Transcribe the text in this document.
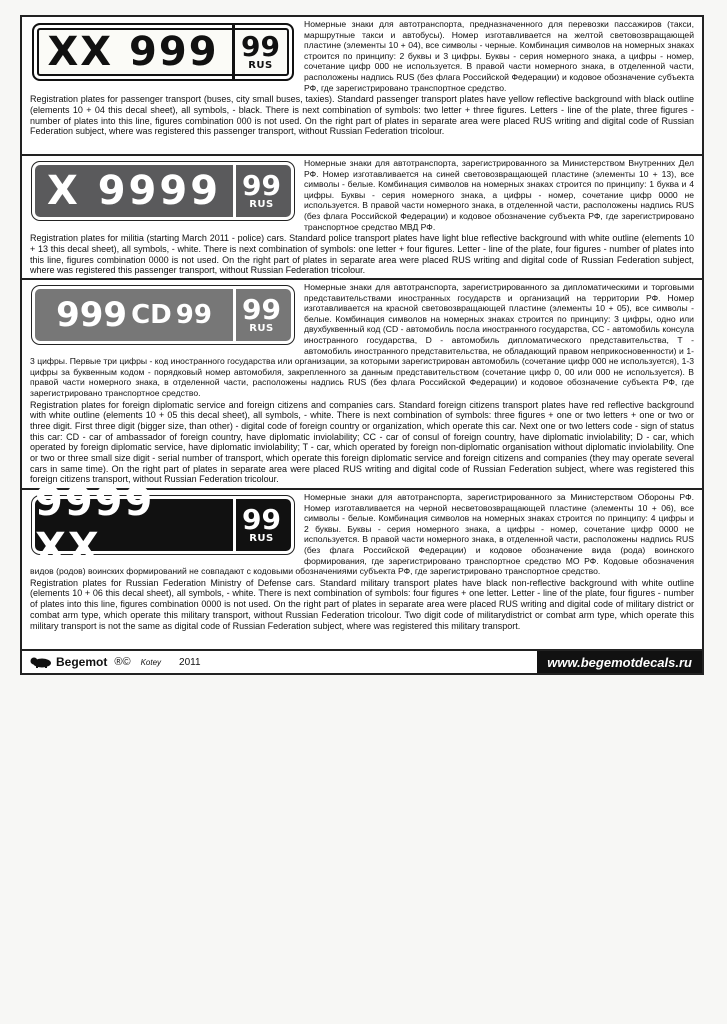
XX 999 99
RUS
Номерные знаки для автотранспорта, предназначенного для перевозки пассажиров (такси, маршрутные такси и автобусы). Номер изготавливается на желтой световозвращающей пластине (элементы 10 + 04), все символы - черные. Комбинация символов на номерных знаках строится по принципу: 2 буквы и 3 цифры. Буквы - серия номерного знака, а цифры - номер, сочетание цифр 000 не используется. В правой части номерного знака, в отделенной части, расположены надпись RUS (без флага Российской Федерации) и кодовое обозначение субъекта РФ, где зарегистрировано транспортное средство.
Registration plates for passenger transport (buses, city small buses, taxies). Standard passenger transport plates have yellow reflective background with black outline (elements 10 + 04 this decal sheet), all symbols, - black. There is next combination of symbols: two letter + three figures. Letters - line of the plate, three figures - number of plates into this line, figures combination 000 is not used. On the right part of plates in separate area were placed RUS writing and digital code of Russian Federation subject, where was registered this passenger transport, without Russian Federation tricolour.
X 9999 99
RUS
Номерные знаки для автотранспорта, зарегистрированного за Министерством Внутренних Дел РФ. Номер изготавливается на синей световозвращающей пластине (элементы 10 + 13), все символы - белые. Комбинация символов на номерных знаках строится по принципу: 1 буква и 4 цифры. Буквы - серия номерного знака, а цифры - номер, сочетание цифр 0000 не используется. В правой части номерного знака, в отделенной части, расположены надпись RUS (без флага Российской Федерации) и кодовое обозначение субъекта РФ, где зарегистрировано транспортное средство МВД РФ.
Registration plates for militia (starting March 2011 - police) cars. Standard police transport plates have light blue reflective background with white outline (elements 10 + 13 this decal sheet), all symbols, - white. There is next combination of symbols: one letter + four figures. Letter - line of the plate, four figures - number of plates into this line, figures combination 0000 is not used. On the right part of plates in separate area were placed RUS writing and digital code of Russian Federation subject, where was registered this passenger transport, without Russian Federation tricolour.
999 CD 99 99
RUS
Номерные знаки для автотранспорта, зарегистрированного за дипломатическими и торговыми представительствами иностранных государств и организаций на территории РФ. Номер изготавливается на красной световозвращающей пластине (элементы 10 + 05), все символы - белые. Комбинация символов на номерных знаках строится по принципу: 3 цифры, одно или двухбуквенный код (CD - автомобиль посла иностранного государства, СС - автомобиль консула иностранного государства, D - автомобиль дипломатического представительства, Т - автомобиль иностранного представительства, не обладающий правом неприкосновенности) и 1-3 цифры. Первые три цифры - код иностранного государства или организации, за которыми зарегистрирован автомобиль (сочетание цифр 000 не используется), 1-3 цифры за буквенным кодом - порядковый номер автомобиля, закрепленного за данным представительством (сочетание цифр 0, 00 или 000 не используется). В правой части номерного знака, в отделенной части, расположены надпись RUS (без флага Российской Федерации) и кодовое обозначение субъекта РФ, где зарегистрировано транспортное средство.
Registration plates for foreign diplomatic service and foreign citizens and companies cars. Standard foreign citizens transport plates have red reflective background with white outline (elements 10 + 05 this decal sheet), all symbols, - white. There is next combination of symbols: three figures + one or two letters + one or two or three digit. First three digit (bigger size, than other) - digital code of foreign country or organization, which operate this car. Next one or two letters code - sign of status this car: CD - car of ambassador of foreign country, have diplomatic inviolability; CC - car of consul of foreign country, have diplomatic inviolability; D - car, which operated by foreign diplomatic service, have diplomatic inviolability; T - car, which operated by foreign non-diplomatic organisation without diplomatic inviolability. One or two or three small size digit - serial number of transport, which operate this foreign diplomatic service and foreign citizens and companies (they may operate several cars in same time). On the right part of plates in separate area were placed RUS writing and digital code of Russian Federation subject, where was registered this foreign citizens transport, without Russian Federation tricolour.
9999 XX
99
RUS
Номерные знаки для автотранспорта, зарегистрированного за Министерством Обороны РФ. Номер изготавливается на черной несветовозвращающей пластине (элементы 10 + 06), все символы - белые. Комбинация символов на номерных знаках строится по принципу: 4 цифры и 2 буквы. Буквы - серия номерного знака, а цифры - номер, сочетание цифр 0000 не используется. В правой части номерного знака, в отделенной части, расположены надпись RUS (без флага Российской Федерации) и кодовое обозначение вида (рода) воинского формирования, где зарегистрировано транспортное средство МО РФ. Кодовые обозначения видов (родов) воинских формирований не совпадают с кодовыми обозначениями субъекта РФ, где зарегистрировано транспортное средство.
Registration plates for Russian Federation Ministry of Defense cars. Standard military transport plates have black non-reflective background with white outline (elements 10 + 06 this decal sheet), all symbols, - white. There is next combination of symbols: four figures + one letter. Letter - line of the plate, four figures - number of plates into this line, figures combination 0000 is not used. On the right part of plates in separate area were placed RUS writing and digital code of military district or combat arm type, which operate this military transport, without Russian Federation tricolour. Two digit code of militarydistrict or combat arm type, which operate this military transport is not the same as digital code of Russian Federation subject, where was registered this military transport.
Begemot ®© Kotey 2011	www.begemotdecals.ru
